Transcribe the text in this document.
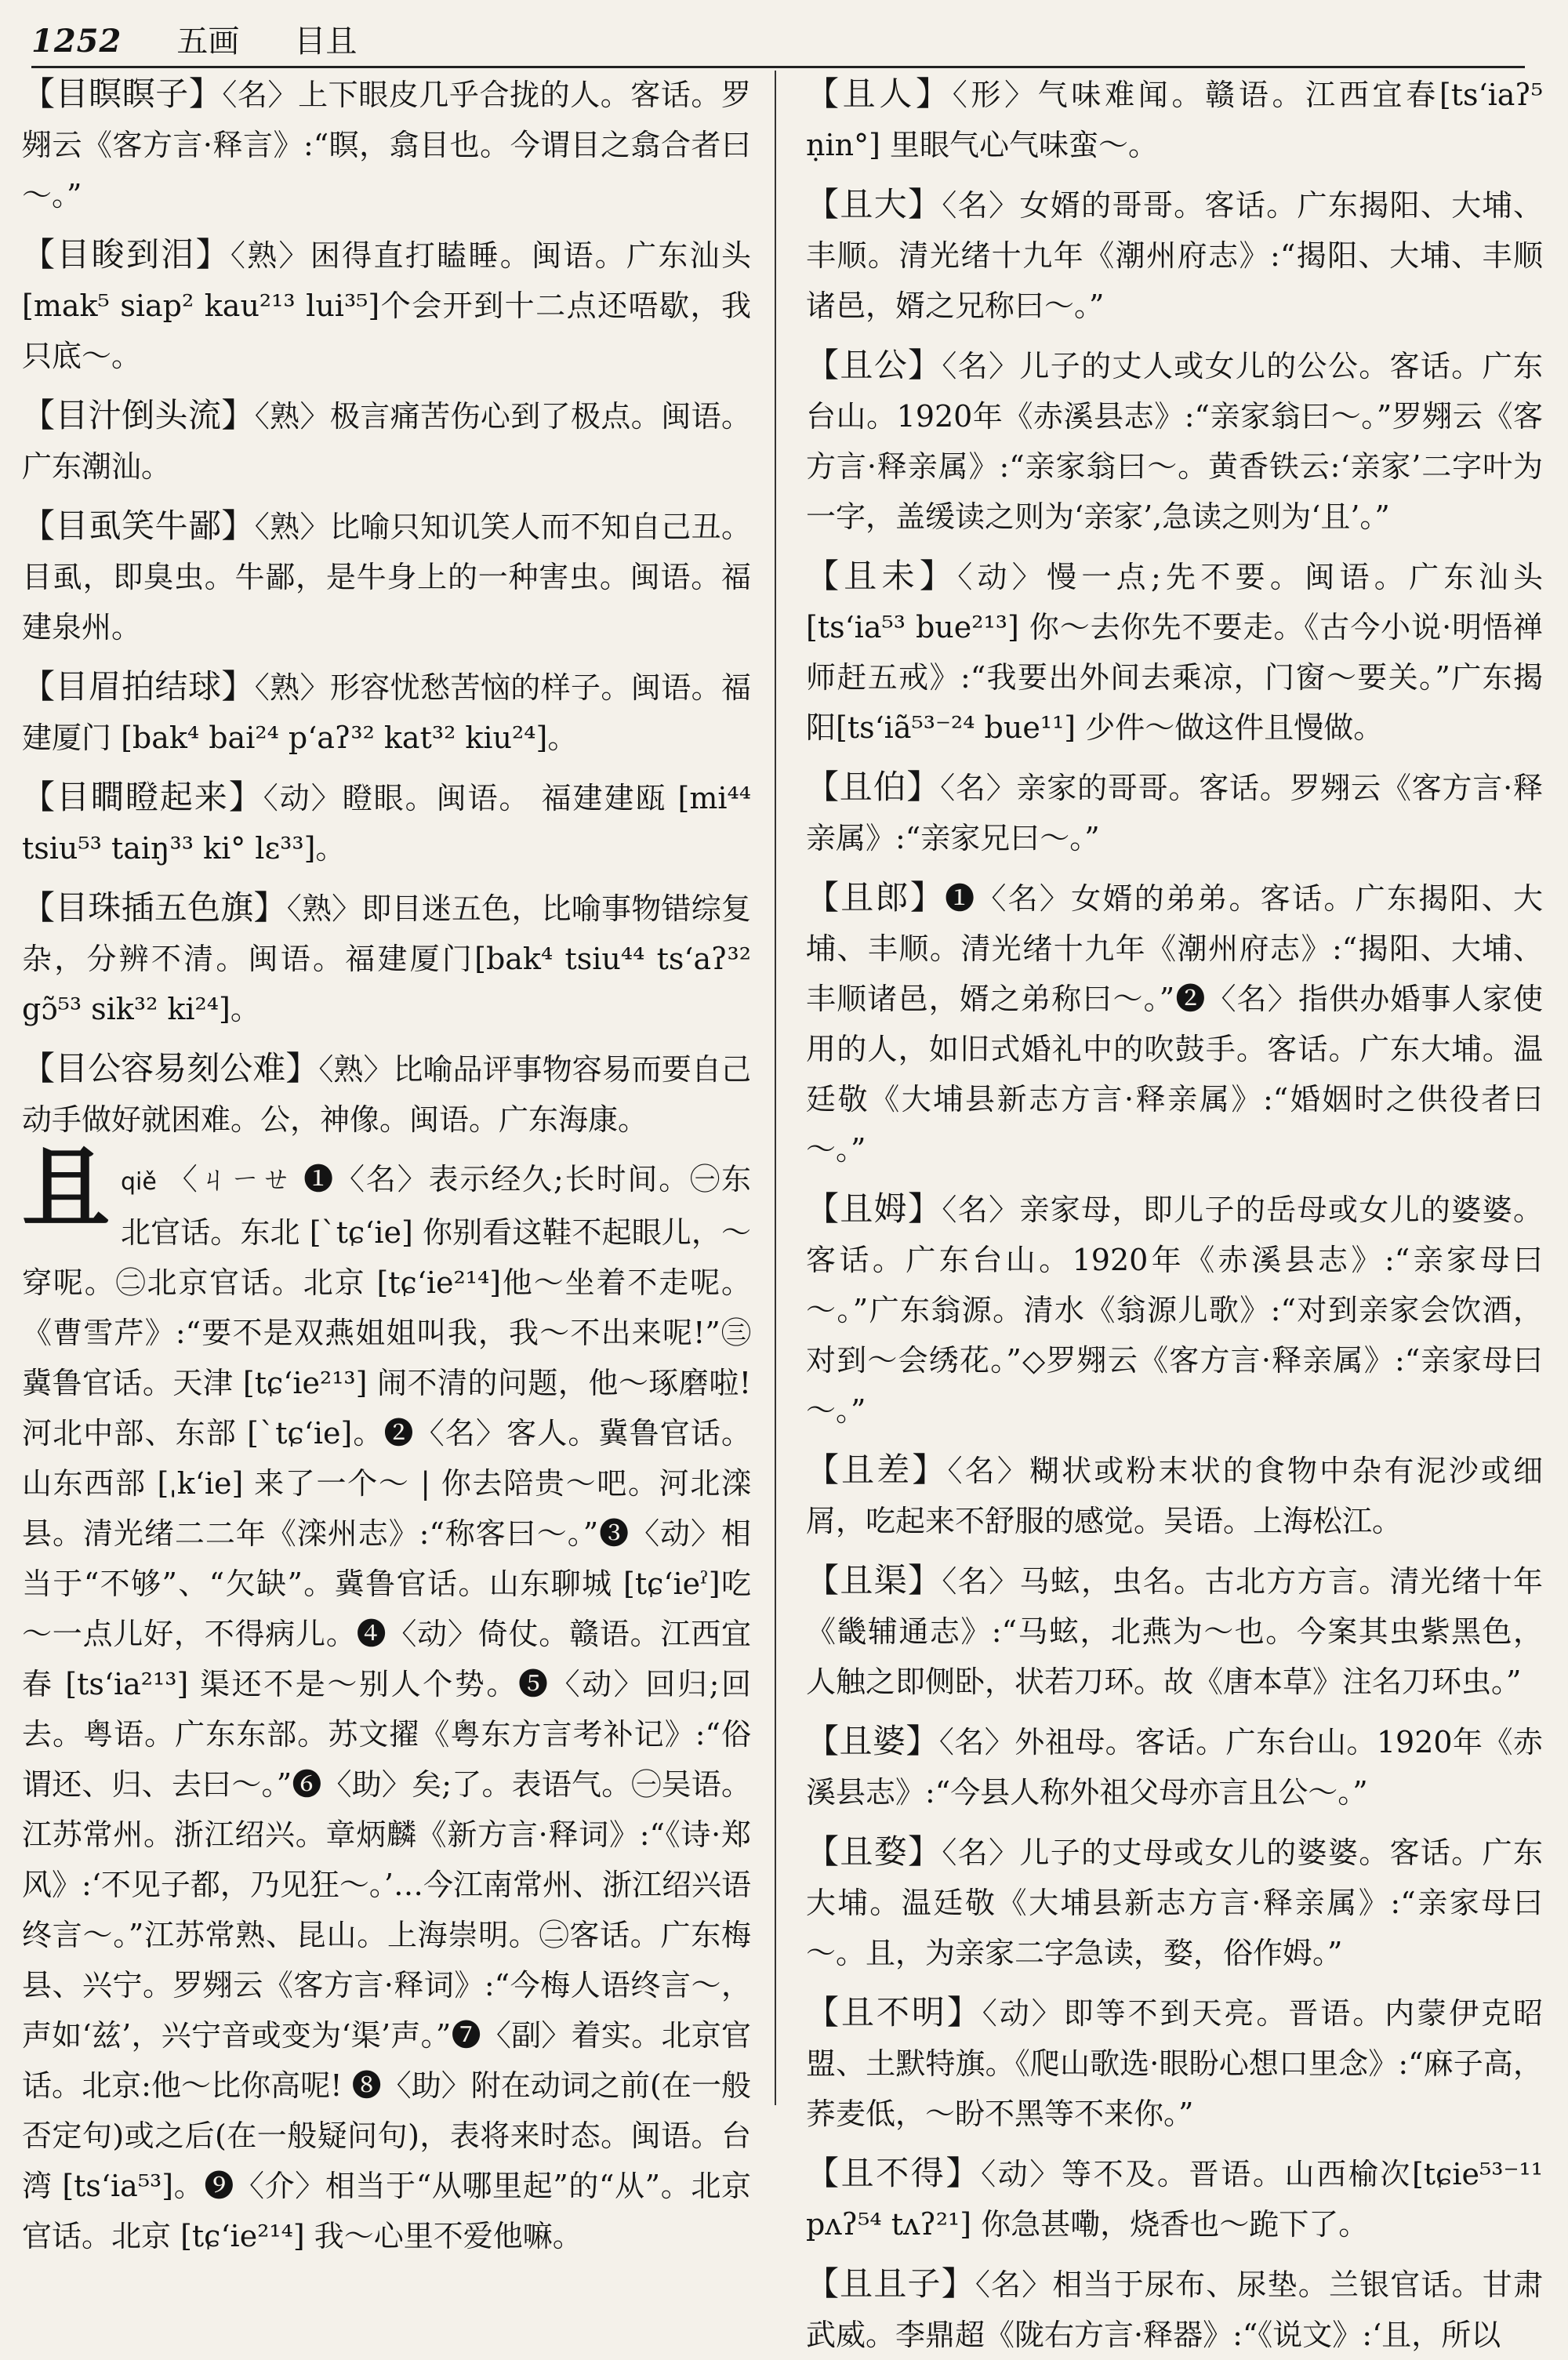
1252 五画 目且

【目瞑瞑子】〈名〉上下眼皮几乎合拢的人。客话。罗翙云《客方言·释言》:“瞑，翕目也。今谓目之翕合者曰～。”

【目睃到泪】〈熟〉困得直打瞌睡。闽语。广东汕头[mak⁵ siap² kau²¹³ lui³⁵]个会开到十二点还唔歇，我只底～。

【目汁倒头流】〈熟〉极言痛苦伤心到了极点。闽语。广东潮汕。

【目虱笑牛鄙】〈熟〉比喻只知讥笑人而不知自己丑。目虱，即臭虫。牛鄙，是牛身上的一种害虫。闽语。福建泉州。

【目眉拍结球】〈熟〉形容忧愁苦恼的样子。闽语。福建厦门 [bak⁴ bai²⁴ p‘aʔ³² kat³² kiu²⁴]。

【目瞷瞪起来】〈动〉瞪眼。闽语。 福建建瓯 [mi⁴⁴ tsiu⁵³ taiŋ³³ ki° lɛ³³]。

【目珠插五色旗】〈熟〉即目迷五色，比喻事物错综复杂，分辨不清。闽语。福建厦门[bak⁴ tsiu⁴⁴ ts‘aʔ³² gɔ̃⁵³ sik³² ki²⁴]。

【目公容易刻公难】〈熟〉比喻品评事物容易而要自己动手做好就困难。公，神像。闽语。广东海康。

且 qiě 〈ㄐㄧㄝ ❶〈名〉表示经久;长时间。㊀东北官话。东北 [ˋtɕ‘ie] 你别看这鞋不起眼儿，～穿呢。㊁北京官话。北京 [tɕ‘ie²¹⁴]他～坐着不走呢。《曹雪芹》:“要不是双燕姐姐叫我，我～不出来呢!”㊂冀鲁官话。天津 [tɕ‘ie²¹³] 闹不清的问题，他～琢磨啦! 河北中部、东部 [ˋtɕ‘ie]。❷〈名〉客人。冀鲁官话。山东西部 [ˌk‘ie] 来了一个～ | 你去陪贵～吧。河北滦县。清光绪二二年《滦州志》:“称客曰～。”❸〈动〉相当于“不够”、“欠缺”。冀鲁官话。山东聊城 [tɕ‘ieˀ]吃～一点儿好，不得病儿。❹〈动〉倚仗。赣语。江西宜春 [ts‘ia²¹³] 渠还不是～别人个势。❺〈动〉回归;回去。粤语。广东东部。苏文擢《粤东方言考补记》:“俗谓还、归、去曰～。”❻〈助〉矣;了。表语气。㊀吴语。江苏常州。浙江绍兴。章炳麟《新方言·释词》:“《诗·郑风》:‘不见子都，乃见狂～。’…今江南常州、浙江绍兴语终言～。”江苏常熟、昆山。上海崇明。㊁客话。广东梅县、兴宁。罗翙云《客方言·释词》:“今梅人语终言～，声如‘兹’，兴宁音或变为‘渠’声。”❼〈副〉着实。北京官话。北京:他～比你高呢! ❽〈助〉附在动词之前(在一般否定句)或之后(在一般疑问句)，表将来时态。闽语。台湾 [ts‘ia⁵³]。❾〈介〉相当于“从哪里起”的“从”。北京官话。北京 [tɕ‘ie²¹⁴] 我～心里不爱他嘛。

【且人】〈形〉气味难闻。赣语。江西宜春[ts‘iaʔ⁵ ṇin°] 里眼气心气味蛮～。

【且大】〈名〉女婿的哥哥。客话。广东揭阳、大埔、丰顺。清光绪十九年《潮州府志》:“揭阳、大埔、丰顺诸邑，婿之兄称曰～。”

【且公】〈名〉儿子的丈人或女儿的公公。客话。广东台山。1920年《赤溪县志》:“亲家翁曰～。”罗翙云《客方言·释亲属》:“亲家翁曰～。黄香铁云:‘亲家’二字叶为一字，盖缓读之则为‘亲家’,急读之则为‘且’。”

【且未】〈动〉慢一点;先不要。闽语。广东汕头 [ts‘ia⁵³ bue²¹³] 你～去你先不要走。《古今小说·明悟禅师赶五戒》:“我要出外间去乘凉，门窗～要关。”广东揭阳[ts‘iã⁵³⁻²⁴ bue¹¹] 少件～做这件且慢做。

【且伯】〈名〉亲家的哥哥。客话。罗翙云《客方言·释亲属》:“亲家兄曰～。”

【且郎】❶〈名〉女婿的弟弟。客话。广东揭阳、大埔、丰顺。清光绪十九年《潮州府志》:“揭阳、大埔、丰顺诸邑，婿之弟称曰～。”❷〈名〉指供办婚事人家使用的人，如旧式婚礼中的吹鼓手。客话。广东大埔。温廷敬《大埔县新志方言·释亲属》:“婚姻时之供役者曰～。”

【且姆】〈名〉亲家母，即儿子的岳母或女儿的婆婆。客话。广东台山。1920年《赤溪县志》:“亲家母曰～。”广东翁源。清水《翁源儿歌》:“对到亲家会饮酒，对到～会绣花。”◇罗翙云《客方言·释亲属》:“亲家母曰～。”

【且差】〈名〉糊状或粉末状的食物中杂有泥沙或细屑，吃起来不舒服的感觉。吴语。上海松江。

【且渠】〈名〉马蚿，虫名。古北方方言。清光绪十年《畿辅通志》:“马蚿，北燕为～也。今案其虫紫黑色，人触之即侧卧，状若刀环。故《唐本草》注名刀环虫。”

【且婆】〈名〉外祖母。客话。广东台山。1920年《赤溪县志》:“今县人称外祖父母亦言且公～。”

【且婺】〈名〉儿子的丈母或女儿的婆婆。客话。广东大埔。温廷敬《大埔县新志方言·释亲属》:“亲家母曰～。且，为亲家二字急读，婺，俗作姆。”

【且不明】〈动〉即等不到天亮。晋语。内蒙伊克昭盟、土默特旗。《爬山歌选·眼盼心想口里念》:“麻子高，荞麦低，～盼不黑等不来你。”

【且不得】〈动〉等不及。晋语。山西榆次[tɕie⁵³⁻¹¹ pʌʔ⁵⁴ tʌʔ²¹] 你急甚嘞，烧香也～跪下了。

【且且子】〈名〉相当于尿布、尿垫。兰银官话。甘肃武威。李鼎超《陇右方言·释器》:“《说文》:‘且，所以
